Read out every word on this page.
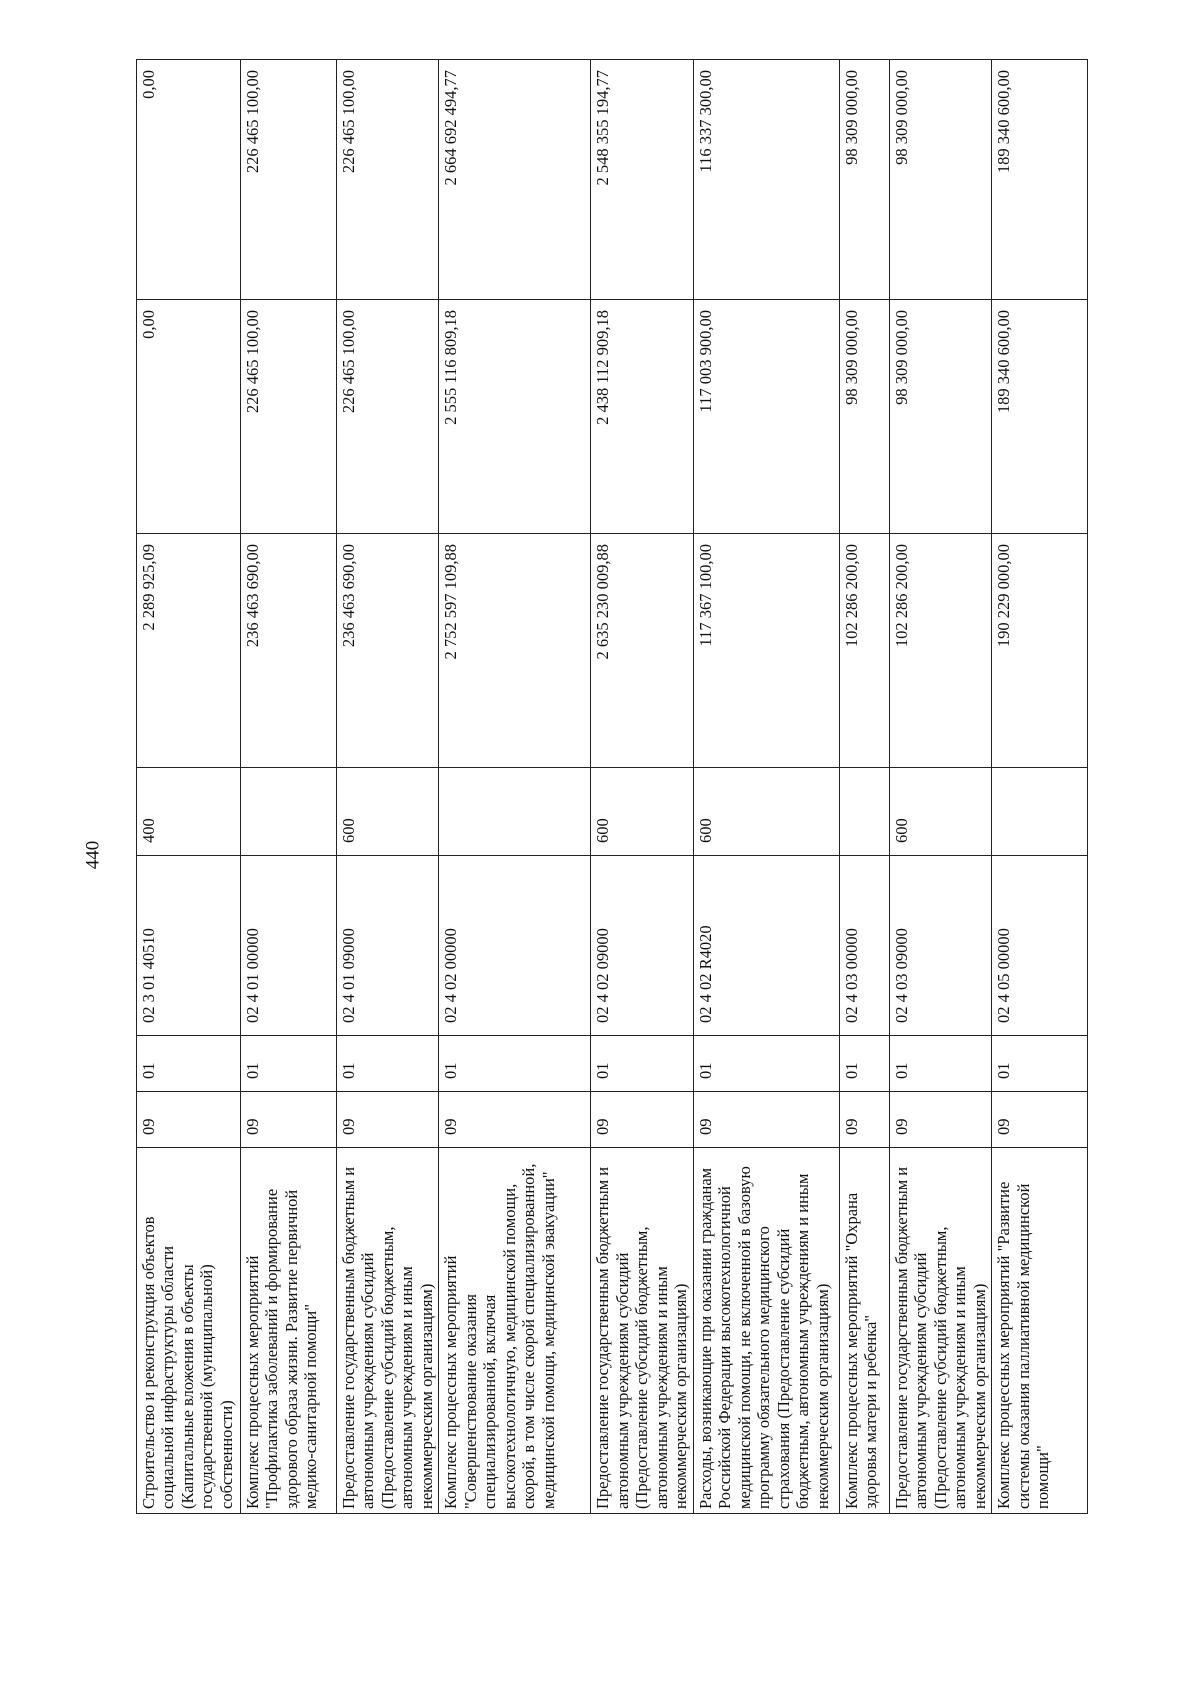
440
Строительство и реконструкция объектов социальной инфраструктуры области (Капитальные вложения в объекты государственной (муниципальной) собственности)	09	01	02 3 01 40510	400	2 289 925,09	0,00	0,00
Комплекс процессных мероприятий "Профилактика заболеваний и формирование здорового образа жизни. Развитие первичной медико-санитарной помощи"	09	01	02 4 01 00000		236 463 690,00	226 465 100,00	226 465 100,00
Предоставление государственным бюджетным и автономным учреждениям субсидий (Предоставление субсидий бюджетным, автономным учреждениям и иным некоммерческим организациям)	09	01	02 4 01 09000	600	236 463 690,00	226 465 100,00	226 465 100,00
Комплекс процессных мероприятий "Совершенствование оказания специализированной, включая высокотехнологичную, медицинской помощи, скорой, в том числе скорой специализированной, медицинской помощи, медицинской эвакуации"	09	01	02 4 02 00000		2 752 597 109,88	2 555 116 809,18	2 664 692 494,77
Предоставление государственным бюджетным и автономным учреждениям субсидий (Предоставление субсидий бюджетным, автономным учреждениям и иным некоммерческим организациям)	09	01	02 4 02 09000	600	2 635 230 009,88	2 438 112 909,18	2 548 355 194,77
Расходы, возникающие при оказании гражданам Российской Федерации высокотехнологичной медицинской помощи, не включенной в базовую программу обязательного медицинского страхования (Предоставление субсидий бюджетным, автономным учреждениям и иным некоммерческим организациям)	09	01	02 4 02 R4020	600	117 367 100,00	117 003 900,00	116 337 300,00
Комплекс процессных мероприятий "Охрана здоровья матери и ребенка"	09	01	02 4 03 00000		102 286 200,00	98 309 000,00	98 309 000,00
Предоставление государственным бюджетным и автономным учреждениям субсидий (Предоставление субсидий бюджетным, автономным учреждениям и иным некоммерческим организациям)	09	01	02 4 03 09000	600	102 286 200,00	98 309 000,00	98 309 000,00
Комплекс процессных мероприятий "Развитие системы оказания паллиативной медицинской помощи"	09	01	02 4 05 00000		190 229 000,00	189 340 600,00	189 340 600,00
